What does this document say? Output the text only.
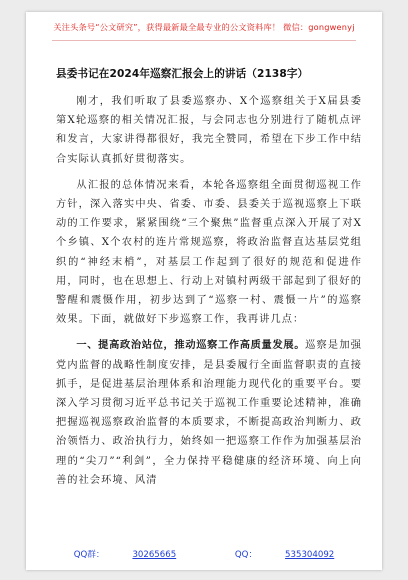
关注头条号“公文研究”，获得最新最全最专业的公文资料库！ 微信：gongwenyj
县委书记在2024年巡察汇报会上的讲话（2138字）

刚才，我们听取了县委巡察办、X个巡察组关于X届县委第X轮巡察的相关情况汇报，与会同志也分别进行了随机点评和发言，大家讲得都很好，我完全赞同，希望在下步工作中结合实际认真抓好贯彻落实。

从汇报的总体情况来看，本轮各巡察组全面贯彻巡视工作方针，深入落实中央、省委、市委、县委关于巡视巡察上下联动的工作要求，紧紧围绕“三个聚焦”监督重点深入开展了对X个乡镇、X个农村的连片常规巡察，将政治监督直达基层党组织的“神经末梢”，对基层工作起到了很好的规范和促进作用，同时，也在思想上、行动上对镇村两级干部起到了很好的警醒和震慑作用，初步达到了“巡察一村、震慑一片”的巡察效果。下面，就做好下步巡察工作，我再讲几点：

一、提高政治站位，推动巡察工作高质量发展。巡察是加强党内监督的战略性制度安排，是县委履行全面监督职责的直接抓手，是促进基层治理体系和治理能力现代化的重要平台。要深入学习贯彻习近平总书记关于巡视工作重要论述精神，准确把握巡视巡察政治监督的本质要求，不断提高政治判断力、政治领悟力、政治执行力，始终如一把巡察工作作为加强基层治理的“尖刀”“利剑”，全力保持平稳健康的经济环境、向上向善的社会环境、风清

QQ群：	30265665	QQ：	535304092
